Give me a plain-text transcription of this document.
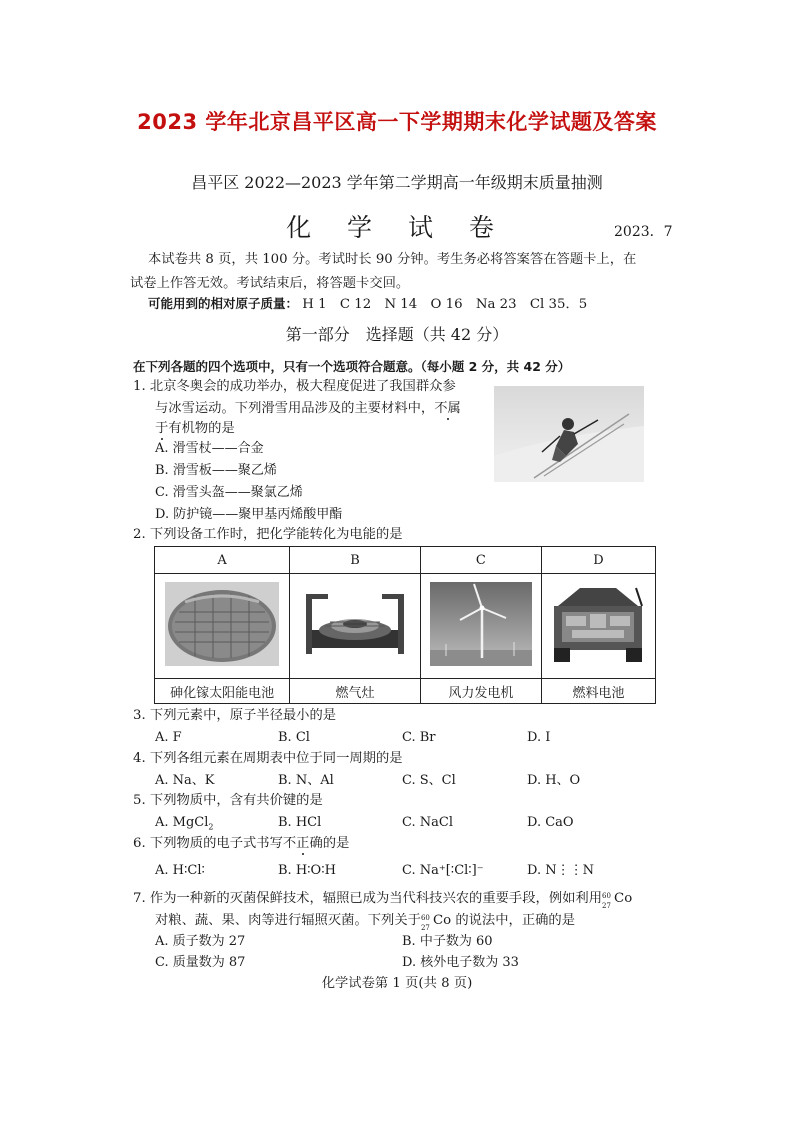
2023 学年北京昌平区高一下学期期末化学试题及答案
昌平区 2022—2023 学年第二学期高一年级期末质量抽测
化 学 试 卷	2023．7
本试卷共 8 页，共 100 分。考试时长 90 分钟。考生务必将答案答在答题卡上，在
试卷上作答无效。考试结束后，将答题卡交回。
可能用到的相对原子质量： H 1　C 12　N 14　O 16　Na 23　Cl 35．5
第一部分　选择题（共 42 分）
在下列各题的四个选项中，只有一个选项符合题意。（每小题 2 分，共 42 分）
1. 北京冬奥会的成功举办，极大程度促进了我国群众参
与冰雪运动。下列滑雪用品涉及的主要材料中，不属
于有机物的是
A. 滑雪杖——合金
B. 滑雪板——聚乙烯
C. 滑雪头盔——聚氯乙烯
D. 防护镜——聚甲基丙烯酸甲酯
2. 下列设备工作时，把化学能转化为电能的是
A	B	C	D

砷化镓太阳能电池	燃气灶	风力发电机	燃料电池
3. 下列元素中，原子半径最小的是
A. F	B. Cl	C. Br	D. I
4. 下列各组元素在周期表中位于同一周期的是
A. Na、K	B. N、Al	C. S、Cl	D. H、O
5. 下列物质中，含有共价键的是
A. MgCl$_2$	B. HCl	C. NaCl	D. CaO
6. 下列物质的电子式书写不正确的是
A. H∶Cl∶	B. H∶O∶H	C. Na⁺[∶Cl∶]⁻	D. N⋮⋮N
7. 作为一种新的灭菌保鲜技术，辐照已成为当代科技兴农的重要手段，例如利用 60
27 Co
对粮、蔬、果、肉等进行辐照灭菌。下列关于 60
27 Co 的说法中，正确的是
A. 质子数为 27	B. 中子数为 60
C. 质量数为 87	D. 核外电子数为 33
化学试卷第 1 页(共 8 页)
